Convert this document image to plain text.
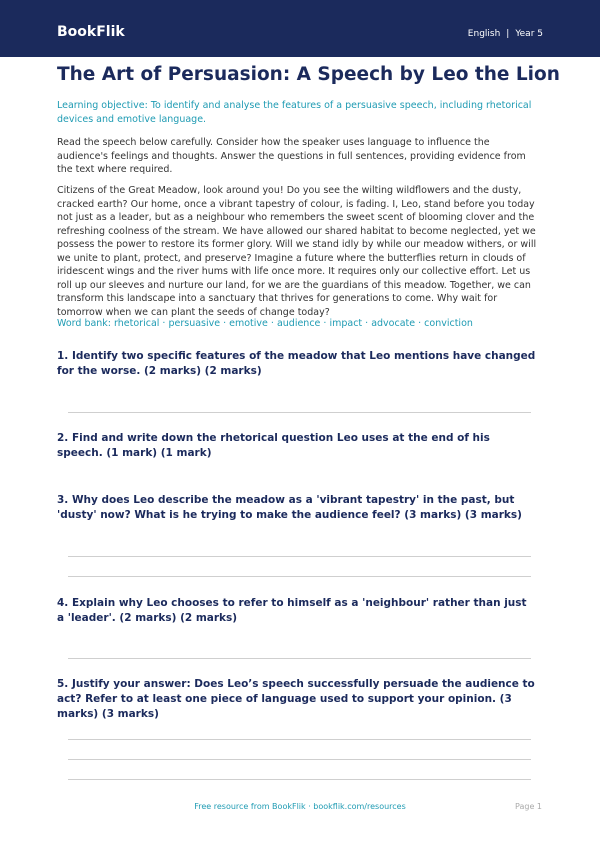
BookFlik	English | Year 5
The Art of Persuasion: A Speech by Leo the Lion
Learning objective: To identify and analyse the features of a persuasive speech, including rhetorical devices and emotive language.
Read the speech below carefully. Consider how the speaker uses language to influence the audience's feelings and thoughts. Answer the questions in full sentences, providing evidence from the text where required.
Citizens of the Great Meadow, look around you! Do you see the wilting wildflowers and the dusty, cracked earth? Our home, once a vibrant tapestry of colour, is fading. I, Leo, stand before you today not just as a leader, but as a neighbour who remembers the sweet scent of blooming clover and the refreshing coolness of the stream. We have allowed our shared habitat to become neglected, yet we possess the power to restore its former glory. Will we stand idly by while our meadow withers, or will we unite to plant, protect, and preserve? Imagine a future where the butterflies return in clouds of iridescent wings and the river hums with life once more. It requires only our collective effort. Let us roll up our sleeves and nurture our land, for we are the guardians of this meadow. Together, we can transform this landscape into a sanctuary that thrives for generations to come. Why wait for tomorrow when we can plant the seeds of change today?
Word bank: rhetorical · persuasive · emotive · audience · impact · advocate · conviction
1. Identify two specific features of the meadow that Leo mentions have changed for the worse. (2 marks) (2 marks)
2. Find and write down the rhetorical question Leo uses at the end of his speech. (1 mark) (1 mark)
3. Why does Leo describe the meadow as a 'vibrant tapestry' in the past, but 'dusty' now? What is he trying to make the audience feel? (3 marks) (3 marks)
4. Explain why Leo chooses to refer to himself as a 'neighbour' rather than just a 'leader'. (2 marks) (2 marks)
5. Justify your answer: Does Leo’s speech successfully persuade the audience to act? Refer to at least one piece of language used to support your opinion. (3 marks) (3 marks)
Free resource from BookFlik · bookflik.com/resources	Page 1
